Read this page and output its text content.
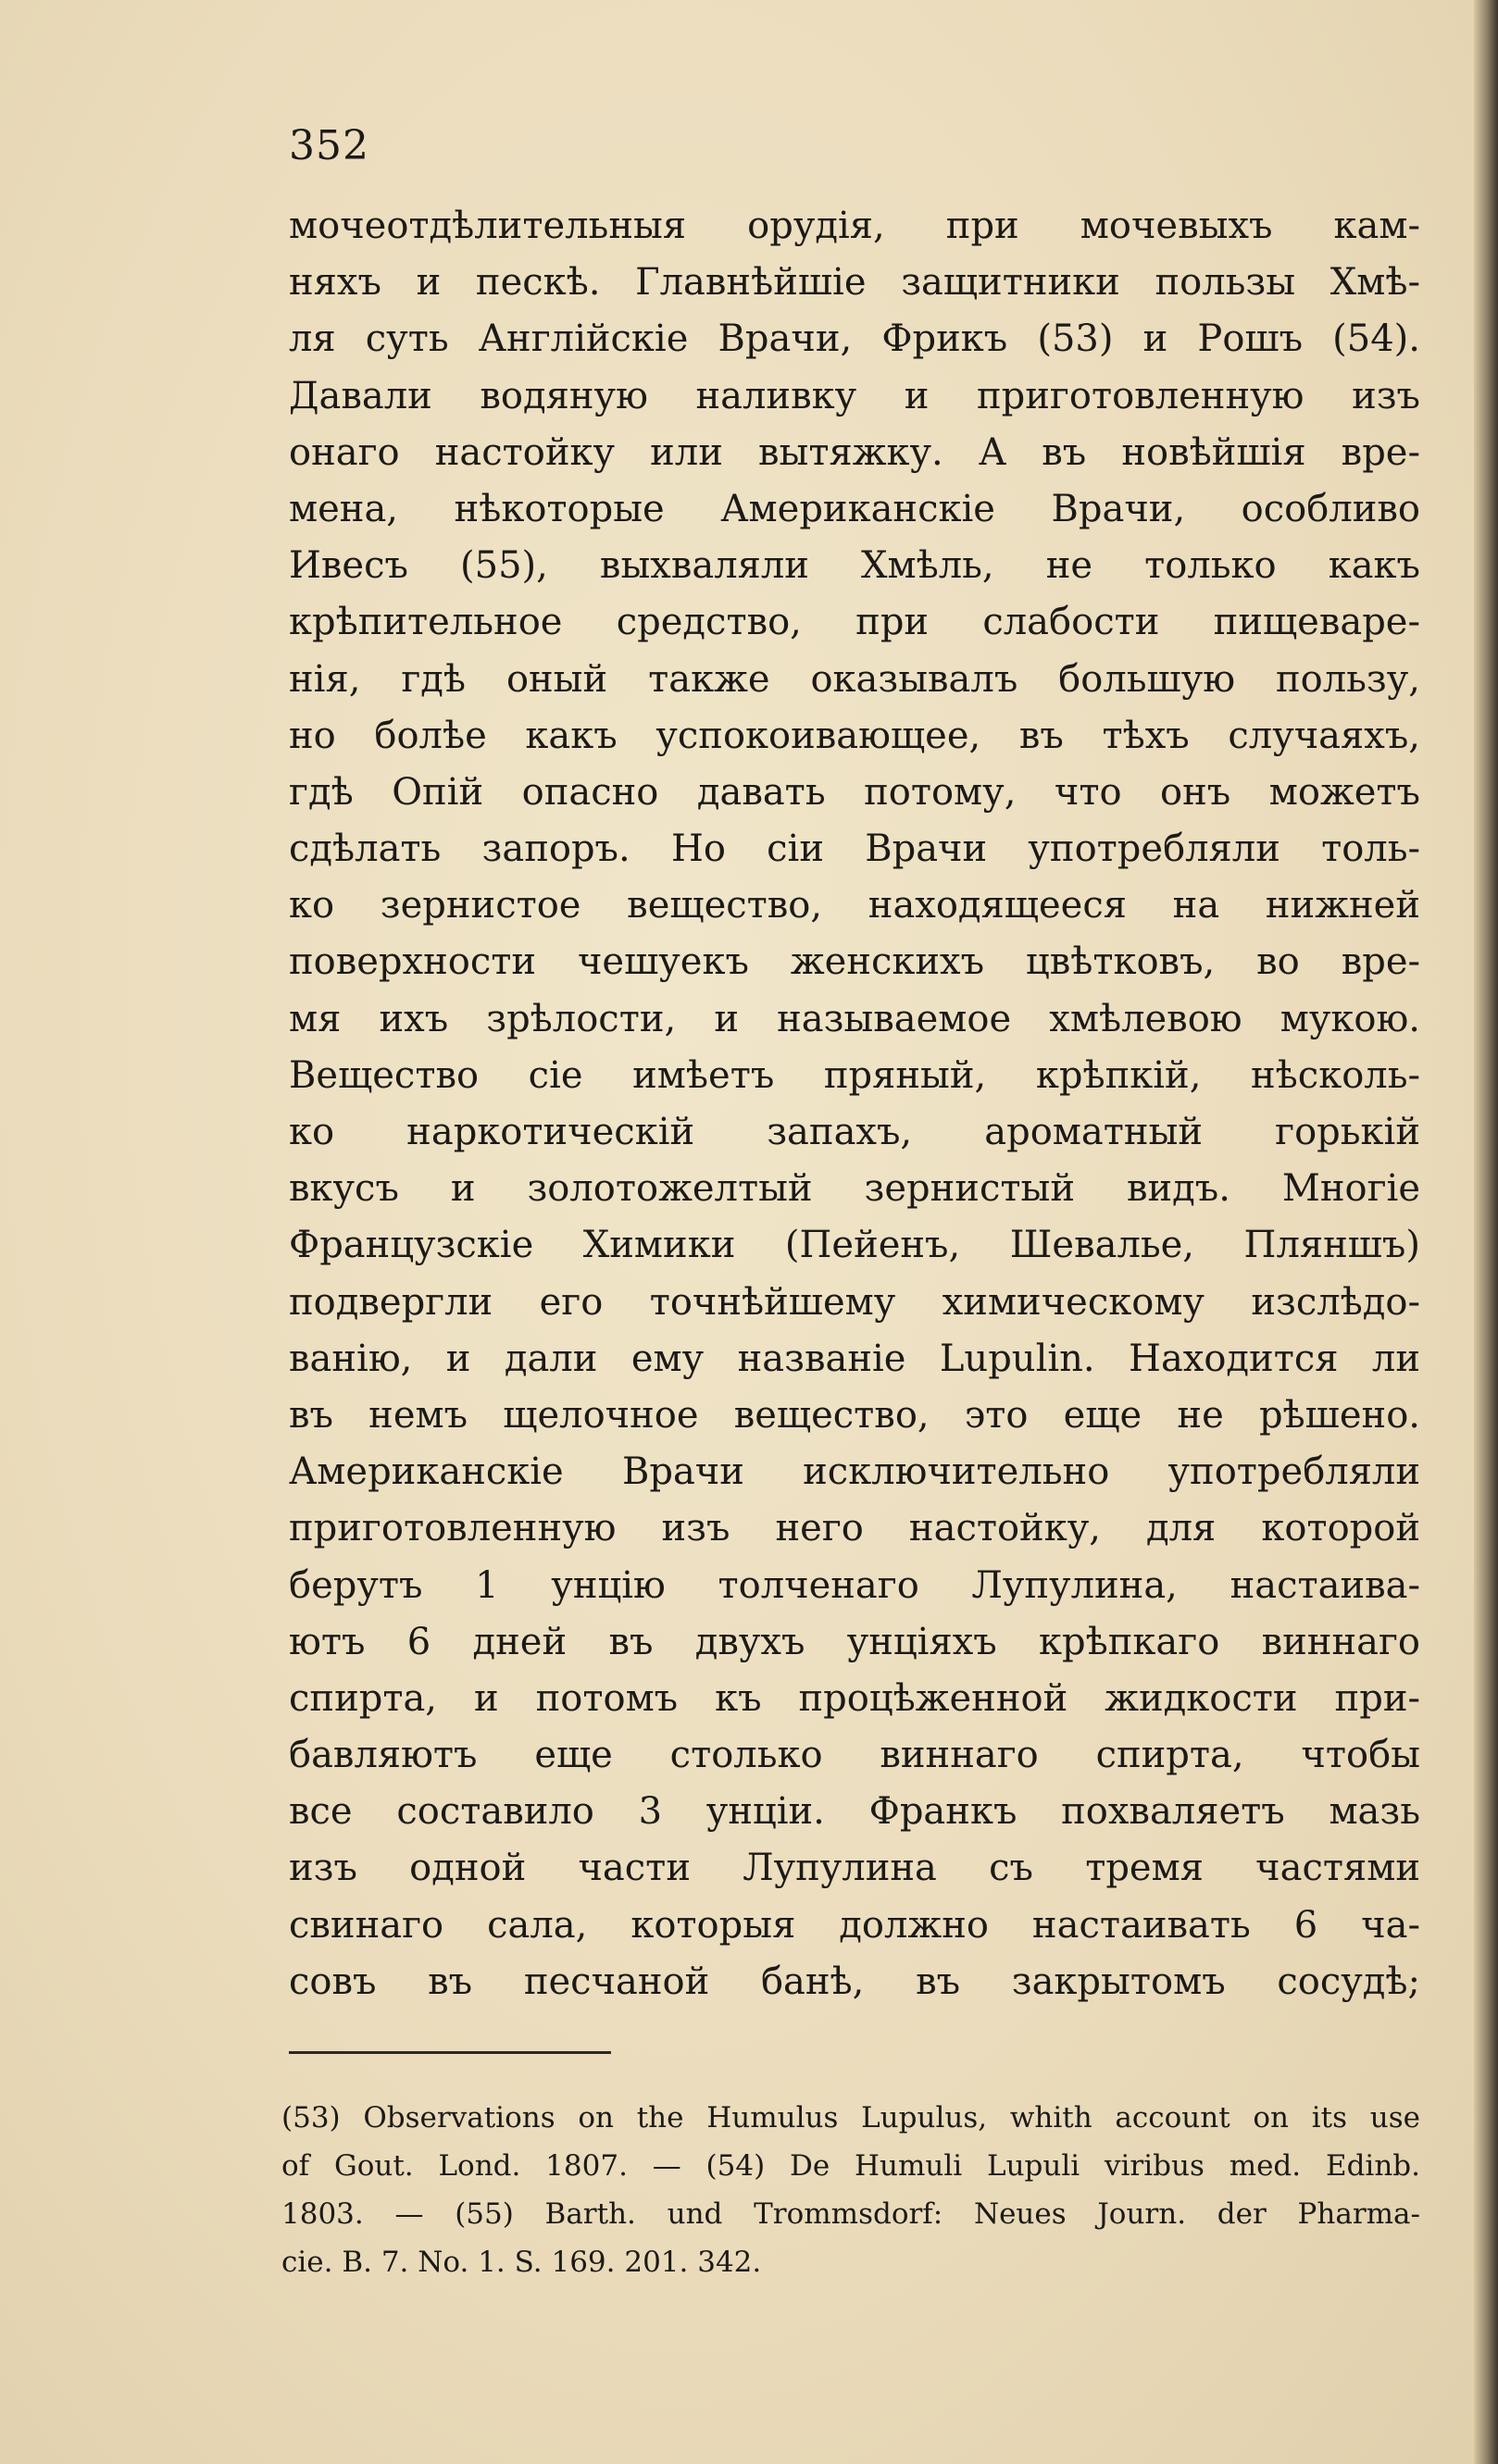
352
мочеотдѣлительныя орудія, при мочевыхъ кам-
няхъ и пескѣ. Главнѣйшіе защитники пользы Хмѣ-
ля суть Англійскіе Врачи, Фрикъ (53) и Рошъ (54).
Давали водяную наливку и приготовленную изъ
онаго настойку или вытяжку. А въ новѣйшія вре-
мена, нѣкоторые Американскіе Врачи, особливо
Ивесъ (55), выхваляли Хмѣль, не только какъ
крѣпительное средство, при слабости пищеваре-
нія, гдѣ оный также оказывалъ большую пользу,
но болѣе какъ успокоивающее, въ тѣхъ случаяхъ,
гдѣ Опій опасно давать потому, что онъ можетъ
сдѣлать запоръ. Но сіи Врачи употребляли толь-
ко зернистое вещество, находящееся на нижней
поверхности чешуекъ женскихъ цвѣтковъ, во вре-
мя ихъ зрѣлости, и называемое хмѣлевою мукою.
Вещество сіе имѣетъ пряный, крѣпкій, нѣсколь-
ко наркотическій запахъ, ароматный горькій
вкусъ и золотожелтый зернистый видъ. Многіе
Французскіе Химики (Пейенъ, Шевалье, Пляншъ)
подвергли его точнѣйшему химическому изслѣдо-
ванію, и дали ему названіе Lupulin. Находится ли
въ немъ щелочное вещество, это еще не рѣшено.
Американскіе Врачи исключительно употребляли
приготовленную изъ него настойку, для которой
берутъ 1 унцію толченаго Лупулина, настаива-
ютъ 6 дней въ двухъ унціяхъ крѣпкаго виннаго
спирта, и потомъ къ процѣженной жидкости при-
бавляютъ еще столько виннаго спирта, чтобы
все составило 3 унціи. Франкъ похваляетъ мазь
изъ одной части Лупулина съ тремя частями
свинаго сала, которыя должно настаивать 6 ча-
совъ въ песчаной банѣ, въ закрытомъ сосудѣ;
(53) Observations on the Humulus Lupulus, whith account on its use
of Gout. Lond. 1807. — (54) De Humuli Lupuli viribus med. Edinb.
1803. — (55) Barth. und Trommsdorf: Neues Journ. der Pharma-
cie. B. 7. No. 1. S. 169. 201. 342.
